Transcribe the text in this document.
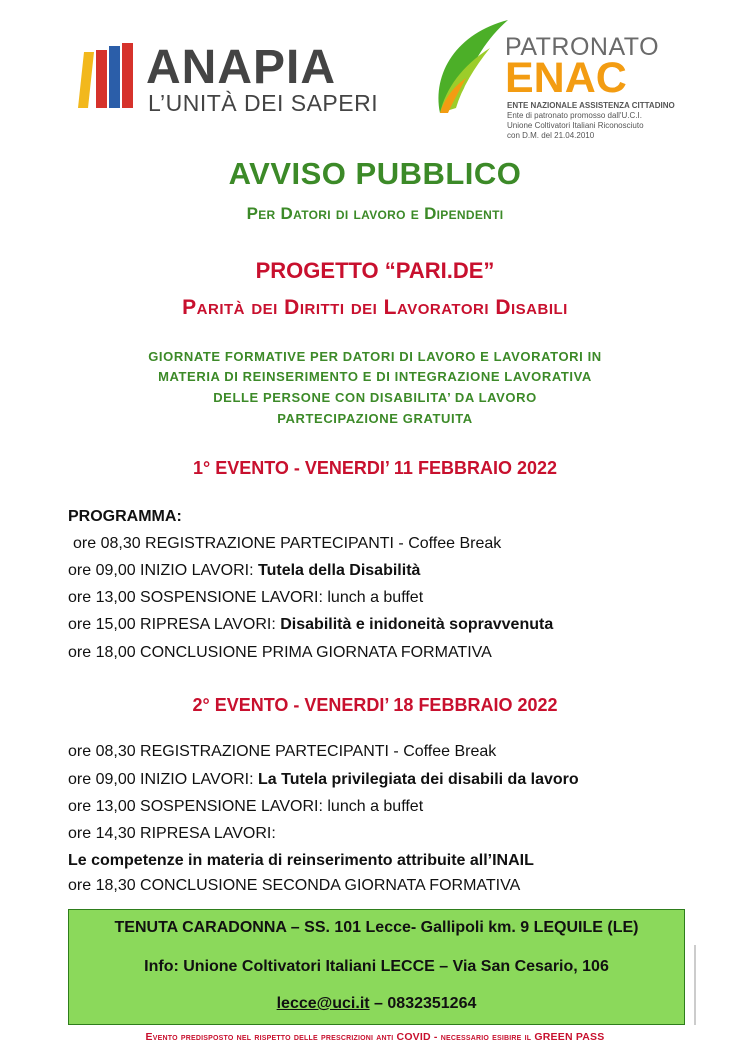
ANAPIA
L’UNITÀ DEI SAPERI
PATRONATO
ENAC
ENTE NAZIONALE ASSISTENZA CITTADINO
Ente di patronato promosso dall'U.C.I.
Unione Coltivatori Italiani Riconosciuto
con D.M. del 21.04.2010
AVVISO PUBBLICO
Per Datori di lavoro e Dipendenti
PROGETTO “PARI.DE”
Parità dei Diritti dei Lavoratori Disabili
GIORNATE FORMATIVE PER DATORI DI LAVORO E LAVORATORI IN
MATERIA DI REINSERIMENTO E DI INTEGRAZIONE LAVORATIVA
DELLE PERSONE CON DISABILITA’ DA LAVORO
PARTECIPAZIONE GRATUITA
1° EVENTO - VENERDI’ 11 FEBBRAIO 2022
PROGRAMMA:
ore 08,30 REGISTRAZIONE PARTECIPANTI - Coffee Break
ore 09,00 INIZIO LAVORI: Tutela della Disabilità
ore 13,00 SOSPENSIONE LAVORI: lunch a buffet
ore 15,00 RIPRESA LAVORI: Disabilità e inidoneità sopravvenuta
ore 18,00 CONCLUSIONE PRIMA GIORNATA FORMATIVA
2° EVENTO - VENERDI’ 18 FEBBRAIO 2022
ore 08,30 REGISTRAZIONE PARTECIPANTI - Coffee Break
ore 09,00 INIZIO LAVORI: La Tutela privilegiata dei disabili da lavoro
ore 13,00 SOSPENSIONE LAVORI: lunch a buffet
ore 14,30 RIPRESA LAVORI:
Le competenze in materia di reinserimento attribuite all’INAIL
ore 18,30 CONCLUSIONE SECONDA GIORNATA FORMATIVA
TENUTA CARADONNA – SS. 101 Lecce- Gallipoli km. 9 LEQUILE (LE)
Info: Unione Coltivatori Italiani LECCE – Via San Cesario, 106
lecce@uci.it – 0832351264
Evento predisposto nel rispetto delle prescrizioni anti COVID - necessario esibire il GREEN PASS
